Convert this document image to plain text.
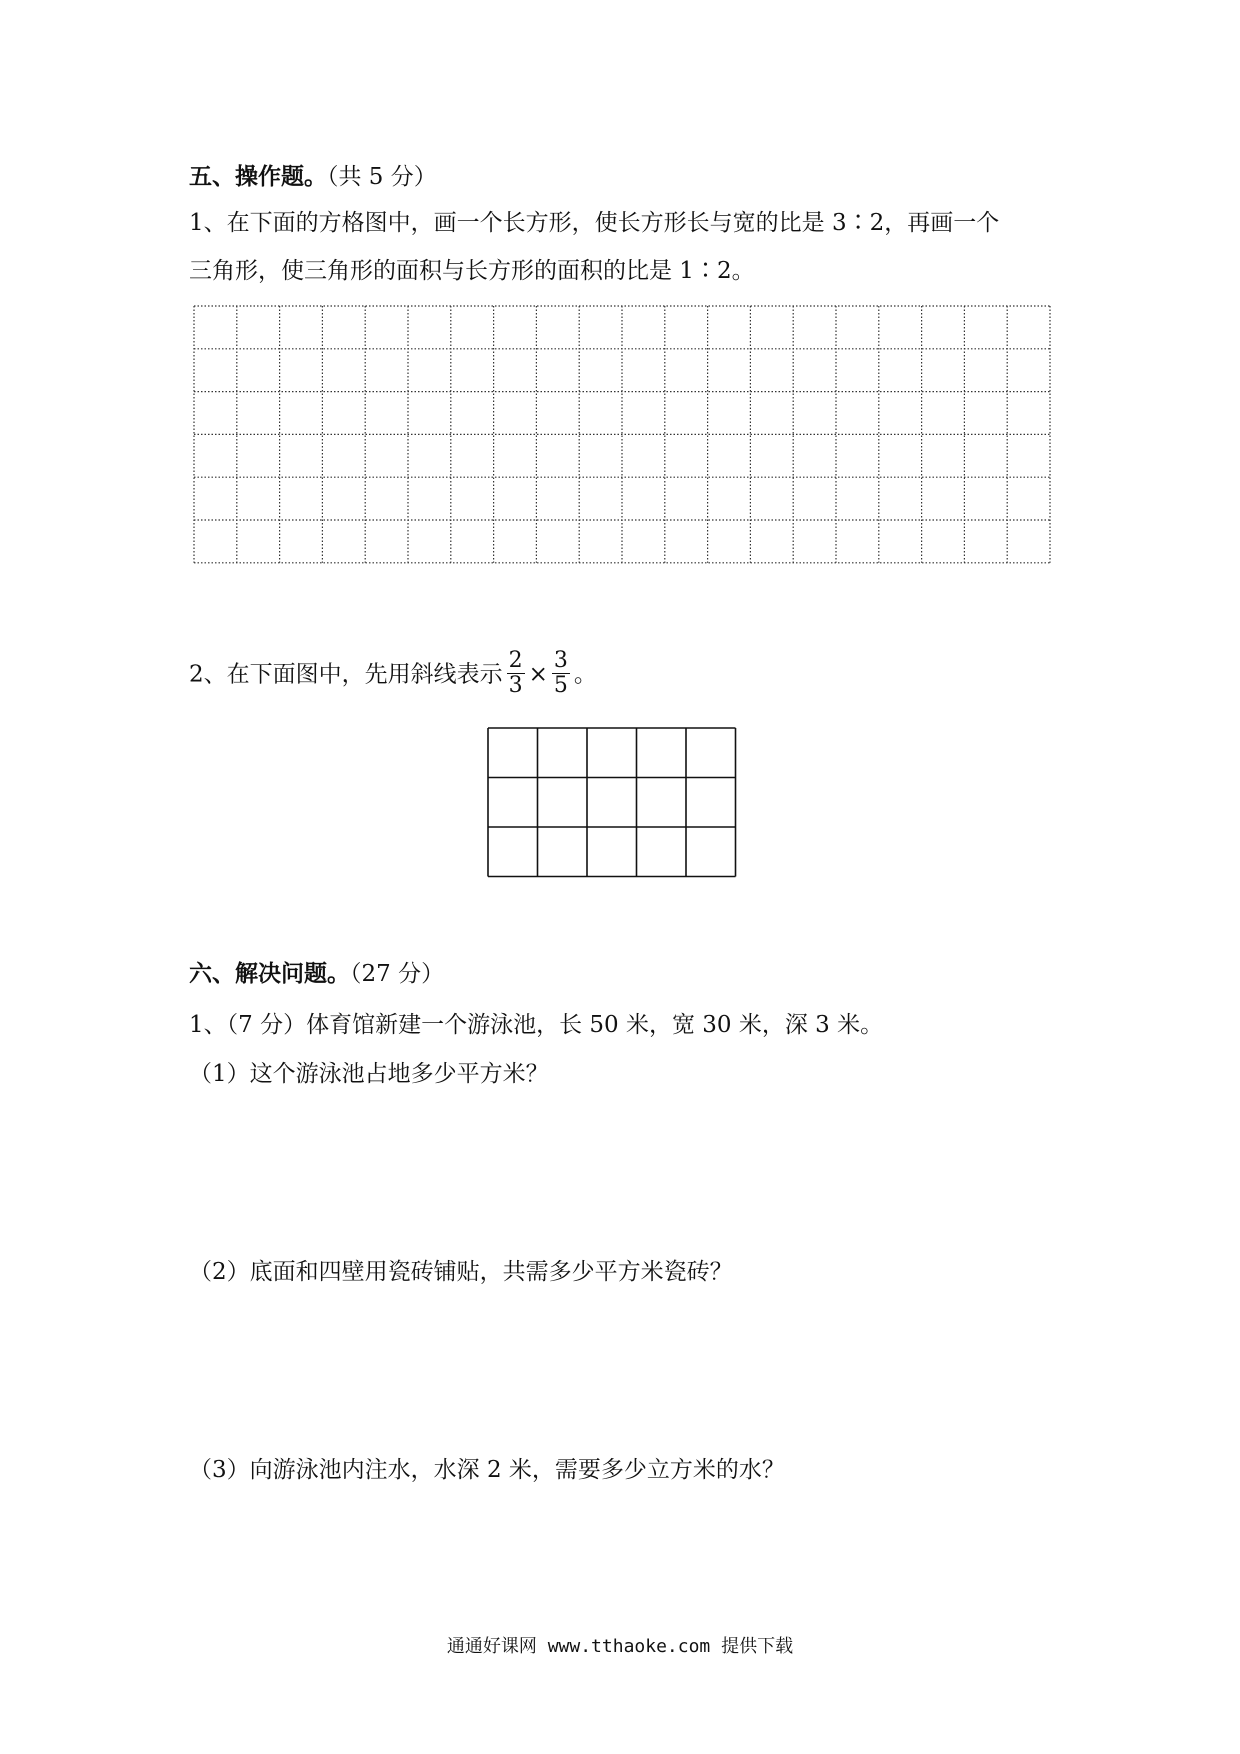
五、操作题。（共 5 分）
1、在下面的方格图中，画一个长方形，使长方形长与宽的比是 3∶2，再画一个
三角形，使三角形的面积与长方形的面积的比是 1∶2。
2、在下面图中，先用斜线表示 $\frac{2}{3} \times \frac{3}{5}$ 。
六、解决问题。（27 分）
1、（7 分）体育馆新建一个游泳池，长 50 米，宽 30 米，深 3 米。
（1）这个游泳池占地多少平方米？
（2）底面和四壁用瓷砖铺贴，共需多少平方米瓷砖？
（3）向游泳池内注水，水深 2 米，需要多少立方米的水？
通通好课网 www.tthaoke.com 提供下载
